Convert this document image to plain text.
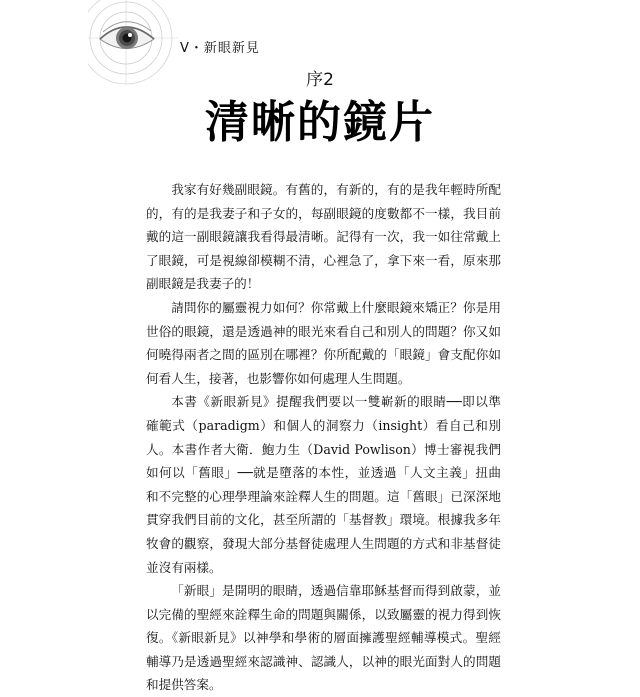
V・新眼新見
序2
清晰的鏡片

我家有好幾副眼鏡。有舊的，有新的，有的是我年輕時所配的，有的是我妻子和子女的，每副眼鏡的度數都不一樣，我目前戴的這一副眼鏡讓我看得最清晰。記得有一次，我一如往常戴上了眼鏡，可是視線卻模糊不清，心裡急了，拿下來一看，原來那副眼鏡是我妻子的！

請問你的屬靈視力如何？你常戴上什麼眼鏡來矯正？你是用世俗的眼鏡，還是透過神的眼光來看自己和別人的問題？你又如何曉得兩者之間的區別在哪裡？你所配戴的「眼鏡」會支配你如何看人生，接著，也影響你如何處理人生問題。

本書《新眼新見》提醒我們要以一雙嶄新的眼睛──即以準確範式（paradigm）和個人的洞察力（insight）看自己和別人。本書作者大衛．鮑力生（David Powlison）博士審視我們如何以「舊眼」──就是墮落的本性，並透過「人文主義」扭曲和不完整的心理學理論來詮釋人生的問題。這「舊眼」已深深地貫穿我們目前的文化，甚至所謂的「基督教」環境。根據我多年牧會的觀察，發現大部分基督徒處理人生問題的方式和非基督徒並沒有兩樣。

「新眼」是開明的眼睛，透過信靠耶穌基督而得到啟蒙，並以完備的聖經來詮釋生命的問題與關係，以致屬靈的視力得到恢復。《新眼新見》以神學和學術的層面擁護聖經輔導模式。聖經輔導乃是透過聖經來認識神、認識人，以神的眼光面對人的問題和提供答案。
